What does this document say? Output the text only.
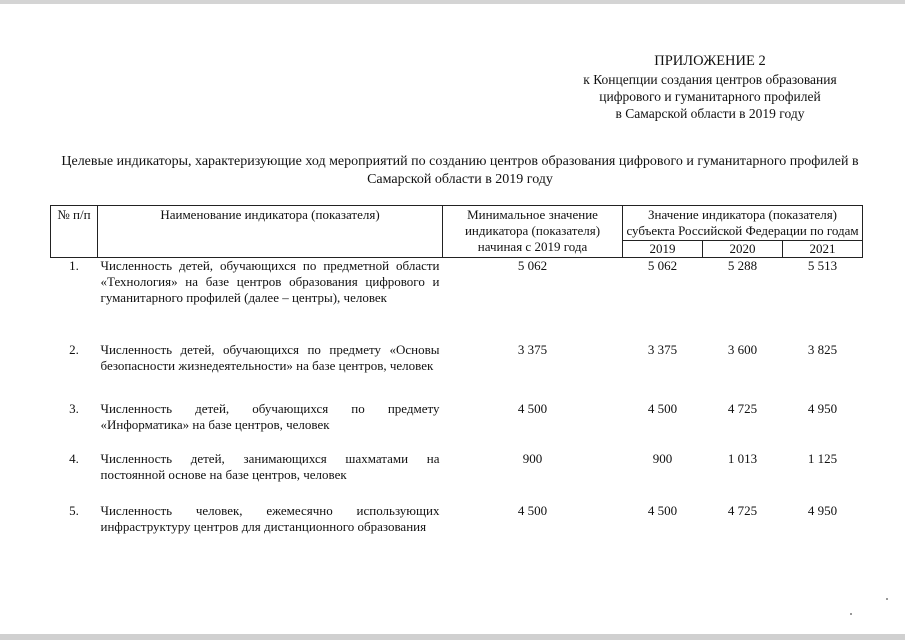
ПРИЛОЖЕНИЕ 2
к Концепции создания центров образования
цифрового и гуманитарного профилей
в Самарской области в 2019 году
Целевые индикаторы, характеризующие ход мероприятий по созданию центров образования цифрового и гуманитарного профилей в Самарской области в 2019 году
№ п/п	Наименование индикатора (показателя)	Минимальное значение индикатора (показателя) начиная с 2019 года	Значение индикатора (показателя) субъекта Российской Федерации по годам		
			2019	2020	2021
1.	Численность детей, обучающихся по предметной области «Технология» на базе центров образования цифрового и гуманитарного профилей (далее – центры), человек	5 062	5 062	5 288	5 513
2.	Численность детей, обучающихся по предмету «Основы безопасности жизнедеятельности» на базе центров, человек	3 375	3 375	3 600	3 825
3.	Численность детей, обучающихся по предмету «Информатика» на базе центров, человек	4 500	4 500	4 725	4 950
4.	Численность детей, занимающихся шахматами на постоянной основе на базе центров, человек	900	900	1 013	1 125
5.	Численность человек, ежемесячно использующих инфраструктуру центров для дистанционного образования	4 500	4 500	4 725	4 950
